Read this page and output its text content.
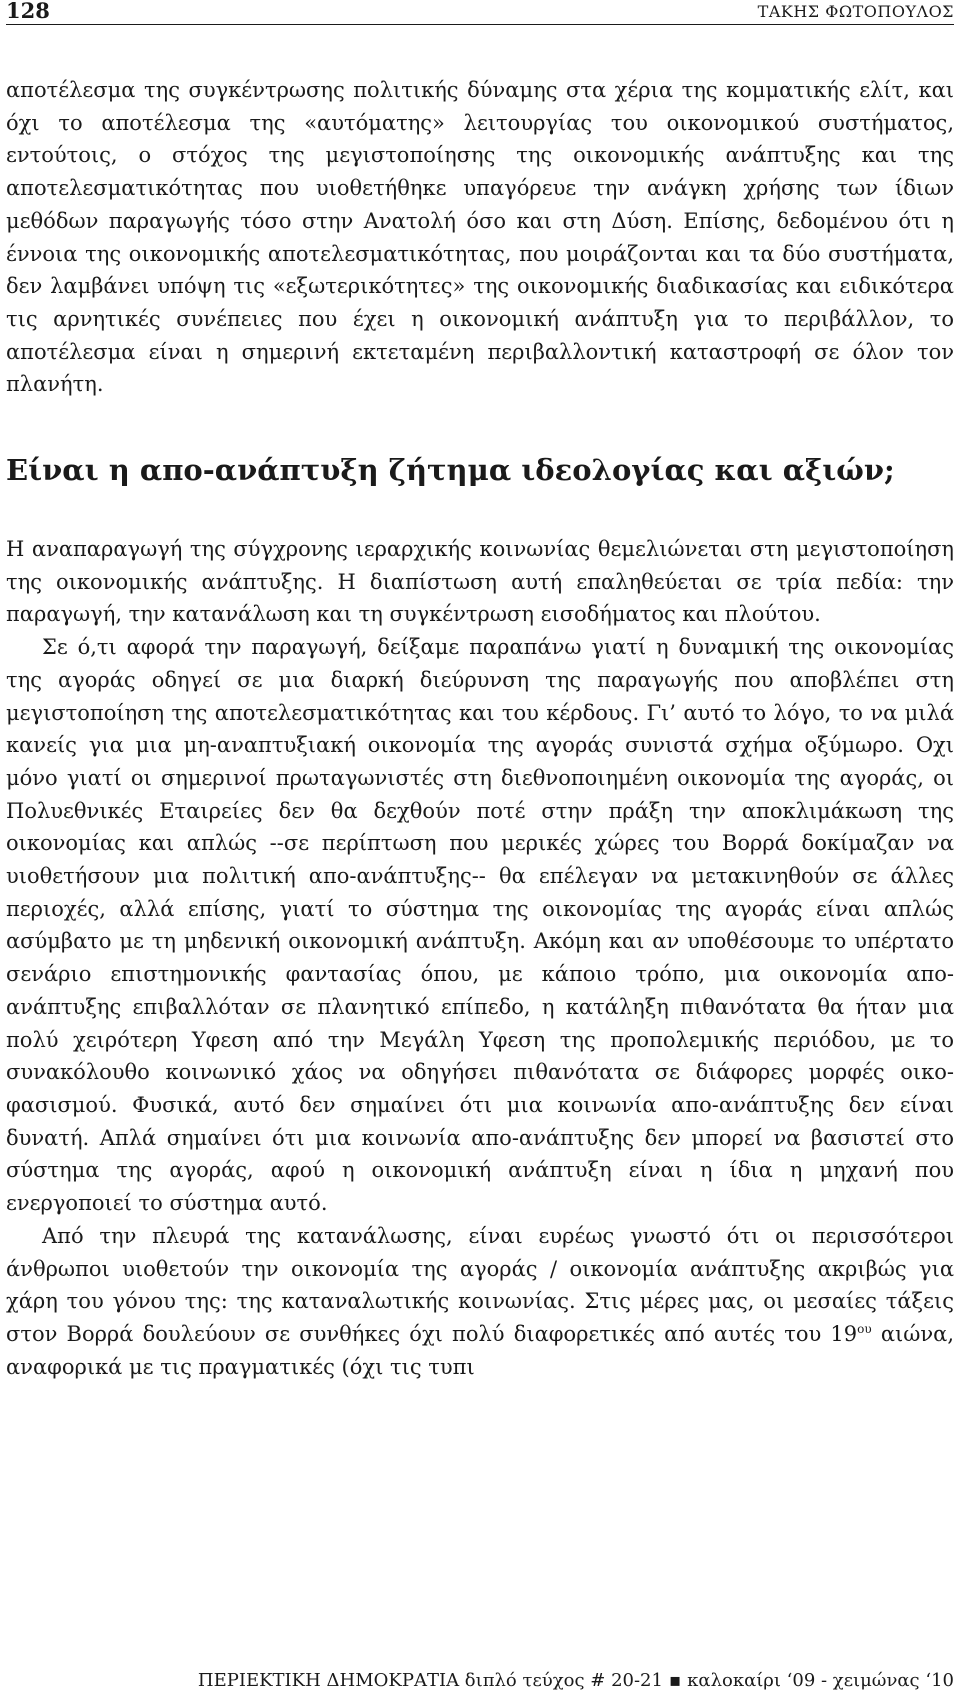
128	ΤΑΚΗΣ ΦΩΤΟΠΟΥΛΟΣ

αποτέλεσμα της συγκέντρωσης πολιτικής δύναμης στα χέρια της κομματικής ελίτ, και όχι το αποτέλεσμα της «αυτόματης» λειτουργίας του οικονομικού συστήματος, εντούτοις, ο στόχος της μεγιστοποίησης της οικονομικής ανάπτυξης και της αποτελεσματικότητας που υιοθετήθηκε υπαγόρευε την ανάγκη χρήσης των ίδιων μεθόδων παραγωγής τόσο στην Ανατολή όσο και στη Δύση. Επίσης, δεδομένου ότι η έννοια της οικονομικής αποτελεσματικότητας, που μοιράζονται και τα δύο συστήματα, δεν λαμβάνει υπόψη τις «εξωτερικότητες» της οικονομικής διαδικασίας και ειδικότερα τις αρνητικές συνέπειες που έχει η οικονομική ανάπτυξη για το περιβάλλον, το αποτέλεσμα είναι η σημερινή εκτεταμένη περιβαλλοντική καταστροφή σε όλον τον πλανήτη.

Είναι η απο-ανάπτυξη ζήτημα ιδεολογίας και αξιών;

Η αναπαραγωγή της σύγχρονης ιεραρχικής κοινωνίας θεμελιώνεται στη μεγιστοποίηση της οικονομικής ανάπτυξης. Η διαπίστωση αυτή επαληθεύεται σε τρία πεδία: την παραγωγή, την κατανάλωση και τη συγκέντρωση εισοδήματος και πλούτου.

Σε ό,τι αφορά την παραγωγή, δείξαμε παραπάνω γιατί η δυναμική της οικονομίας της αγοράς οδηγεί σε μια διαρκή διεύρυνση της παραγωγής που αποβλέπει στη μεγιστοποίηση της αποτελεσματικότητας και του κέρδους. Γι’ αυτό το λόγο, το να μιλά κανείς για μια μη-αναπτυξιακή οικονομία της αγοράς συνιστά σχήμα οξύμωρο. Οχι μόνο γιατί οι σημερινοί πρωταγωνιστές στη διεθνοποιημένη οικονομία της αγοράς, οι Πολυεθνικές Εταιρείες δεν θα δεχθούν ποτέ στην πράξη την αποκλιμάκωση της οικονομίας και απλώς --σε περίπτωση που μερικές χώρες του Βορρά δοκίμαζαν να υιοθετήσουν μια πολιτική απο-ανάπτυξης-- θα επέλεγαν να μετακινηθούν σε άλλες περιοχές, αλλά επίσης, γιατί το σύστημα της οικονομίας της αγοράς είναι απλώς ασύμβατο με τη μηδενική οικονομική ανάπτυξη. Ακόμη και αν υποθέσουμε το υπέρτατο σενάριο επιστημονικής φαντασίας όπου, με κάποιο τρόπο, μια οικονομία απο-ανάπτυξης επιβαλλόταν σε πλανητικό επίπεδο, η κατάληξη πιθανότατα θα ήταν μια πολύ χειρότερη Υφεση από την Μεγάλη Υφεση της προπολεμικής περιόδου, με το συνακόλουθο κοινωνικό χάος να οδηγήσει πιθανότατα σε διάφορες μορφές οικο-φασισμού. Φυσικά, αυτό δεν σημαίνει ότι μια κοινωνία απο-ανάπτυξης δεν είναι δυνατή. Απλά σημαίνει ότι μια κοινωνία απο-ανάπτυξης δεν μπορεί να βασιστεί στο σύστημα της αγοράς, αφού η οικονομική ανάπτυξη είναι η ίδια η μηχανή που ενεργοποιεί το σύστημα αυτό.

Από την πλευρά της κατανάλωσης, είναι ευρέως γνωστό ότι οι περισσότεροι άνθρωποι υιοθετούν την οικονομία της αγοράς / οικονομία ανάπτυξης ακριβώς για χάρη του γόνου της: της καταναλωτικής κοινωνίας. Στις μέρες μας, οι μεσαίες τάξεις στον Βορρά δουλεύουν σε συνθήκες όχι πολύ διαφορετικές από αυτές του $19^{o\upsilon}$ αιώνα, αναφορικά με τις πραγματικές (όχι τις τυπι

ΠΕΡΙΕΚΤΙΚΗ ΔΗΜΟΚΡΑΤΙΑ διπλό τεύχος # 20-21 ▪ καλοκαίρι ‘09 - χειμώνας ‘10
